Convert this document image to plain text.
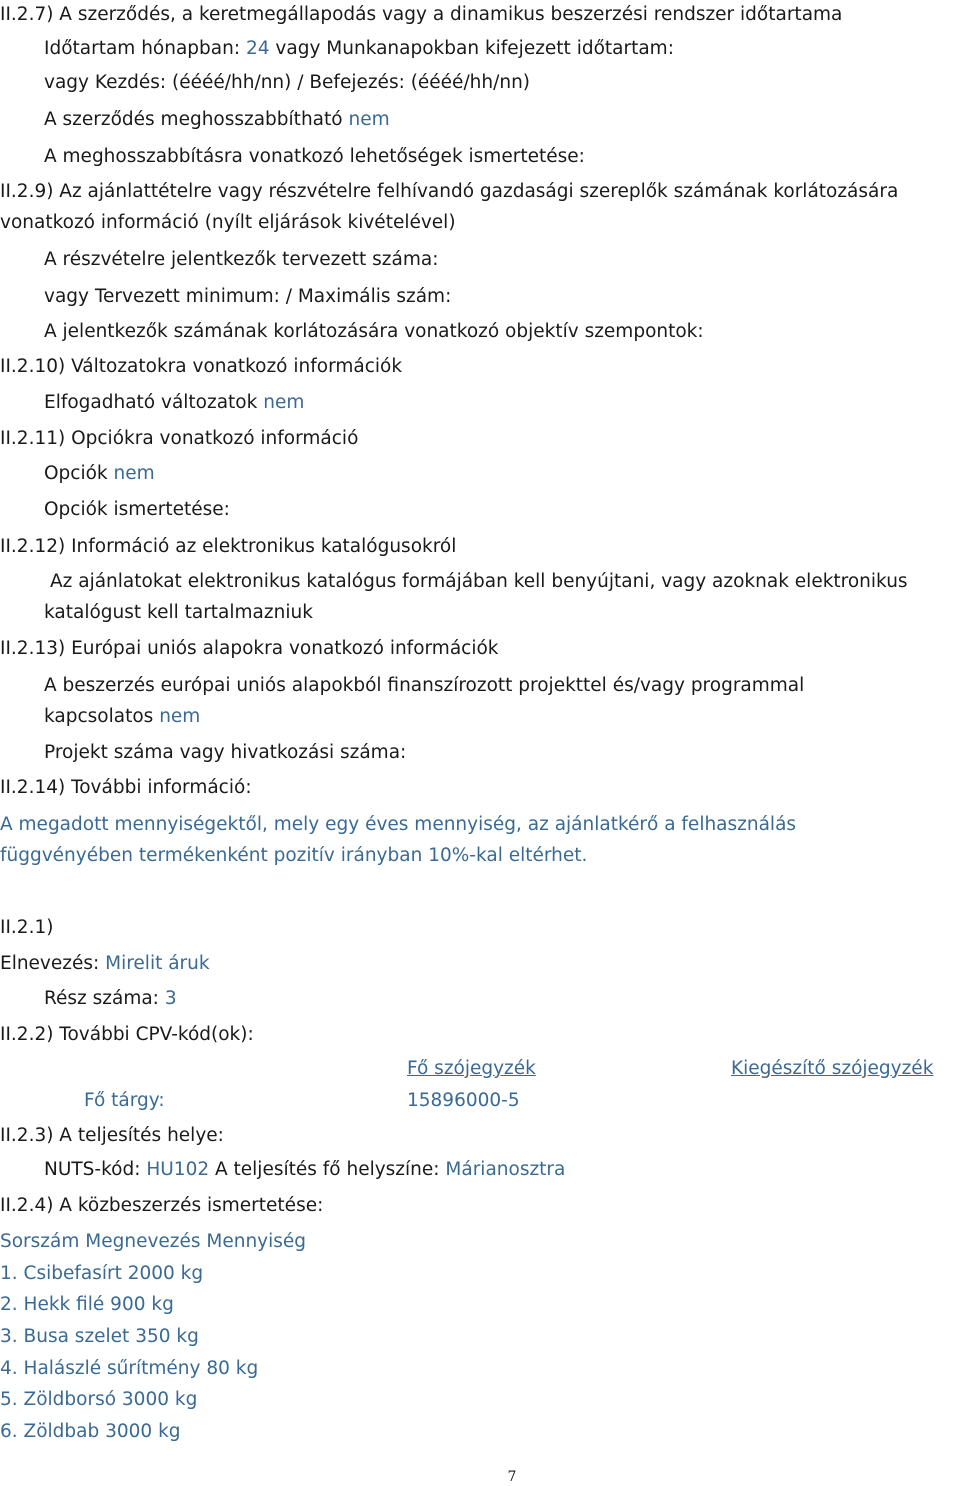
II.2.7) A szerződés, a keretmegállapodás vagy a dinamikus beszerzési rendszer időtartama
Időtartam hónapban: 24 vagy Munkanapokban kifejezett időtartam:
vagy Kezdés: (éééé/hh/nn) / Befejezés: (éééé/hh/nn)
A szerződés meghosszabbítható nem
A meghosszabbításra vonatkozó lehetőségek ismertetése:
II.2.9) Az ajánlattételre vagy részvételre felhívandó gazdasági szereplők számának korlátozására
vonatkozó információ (nyílt eljárások kivételével)
A részvételre jelentkezők tervezett száma:
vagy Tervezett minimum: / Maximális szám:
A jelentkezők számának korlátozására vonatkozó objektív szempontok:
II.2.10) Változatokra vonatkozó információk
Elfogadható változatok nem
II.2.11) Opciókra vonatkozó információ
Opciók nem
Opciók ismertetése:
II.2.12) Információ az elektronikus katalógusokról
Az ajánlatokat elektronikus katalógus formájában kell benyújtani, vagy azoknak elektronikus
katalógust kell tartalmazniuk
II.2.13) Európai uniós alapokra vonatkozó információk
A beszerzés európai uniós alapokból finanszírozott projekttel és/vagy programmal
kapcsolatos nem
Projekt száma vagy hivatkozási száma:
II.2.14) További információ:
A megadott mennyiségektől, mely egy éves mennyiség, az ajánlatkérő a felhasználás
függvényében termékenként pozitív irányban 10%-kal eltérhet.
II.2.1)
Elnevezés: Mirelit áruk
Rész száma: 3
II.2.2) További CPV-kód(ok):
Fő szójegyzék	Kiegészítő szójegyzék
Fő tárgy:	15896000-5
II.2.3) A teljesítés helye:
NUTS-kód: HU102 A teljesítés fő helyszíne: Márianosztra
II.2.4) A közbeszerzés ismertetése:
Sorszám Megnevezés Mennyiség
1. Csibefasírt 2000 kg
2. Hekk filé 900 kg
3. Busa szelet 350 kg
4. Halászlé sűrítmény 80 kg
5. Zöldborsó 3000 kg
6. Zöldbab 3000 kg
7
